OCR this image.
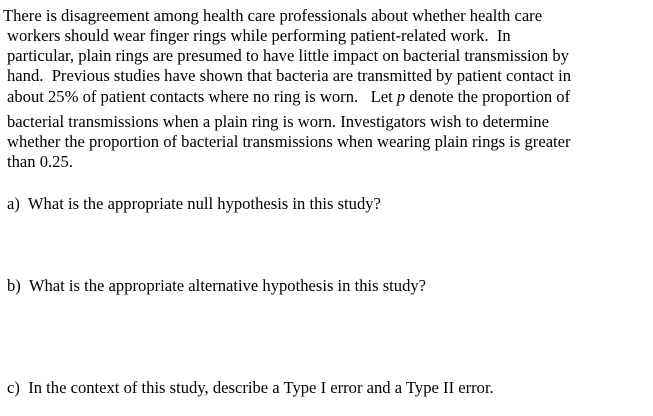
There is disagreement among health care professionals about whether health care
workers should wear finger rings while performing patient-related work.  In
particular, plain rings are presumed to have little impact on bacterial transmission by
hand.  Previous studies have shown that bacteria are transmitted by patient contact in
about 25% of patient contacts where no ring is worn.   Let p denote the proportion of
bacterial transmissions when a plain ring is worn. Investigators wish to determine
whether the proportion of bacterial transmissions when wearing plain rings is greater
than 0.25.
a)  What is the appropriate null hypothesis in this study?
b)  What is the appropriate alternative hypothesis in this study?
c)  In the context of this study, describe a Type I error and a Type II error.
